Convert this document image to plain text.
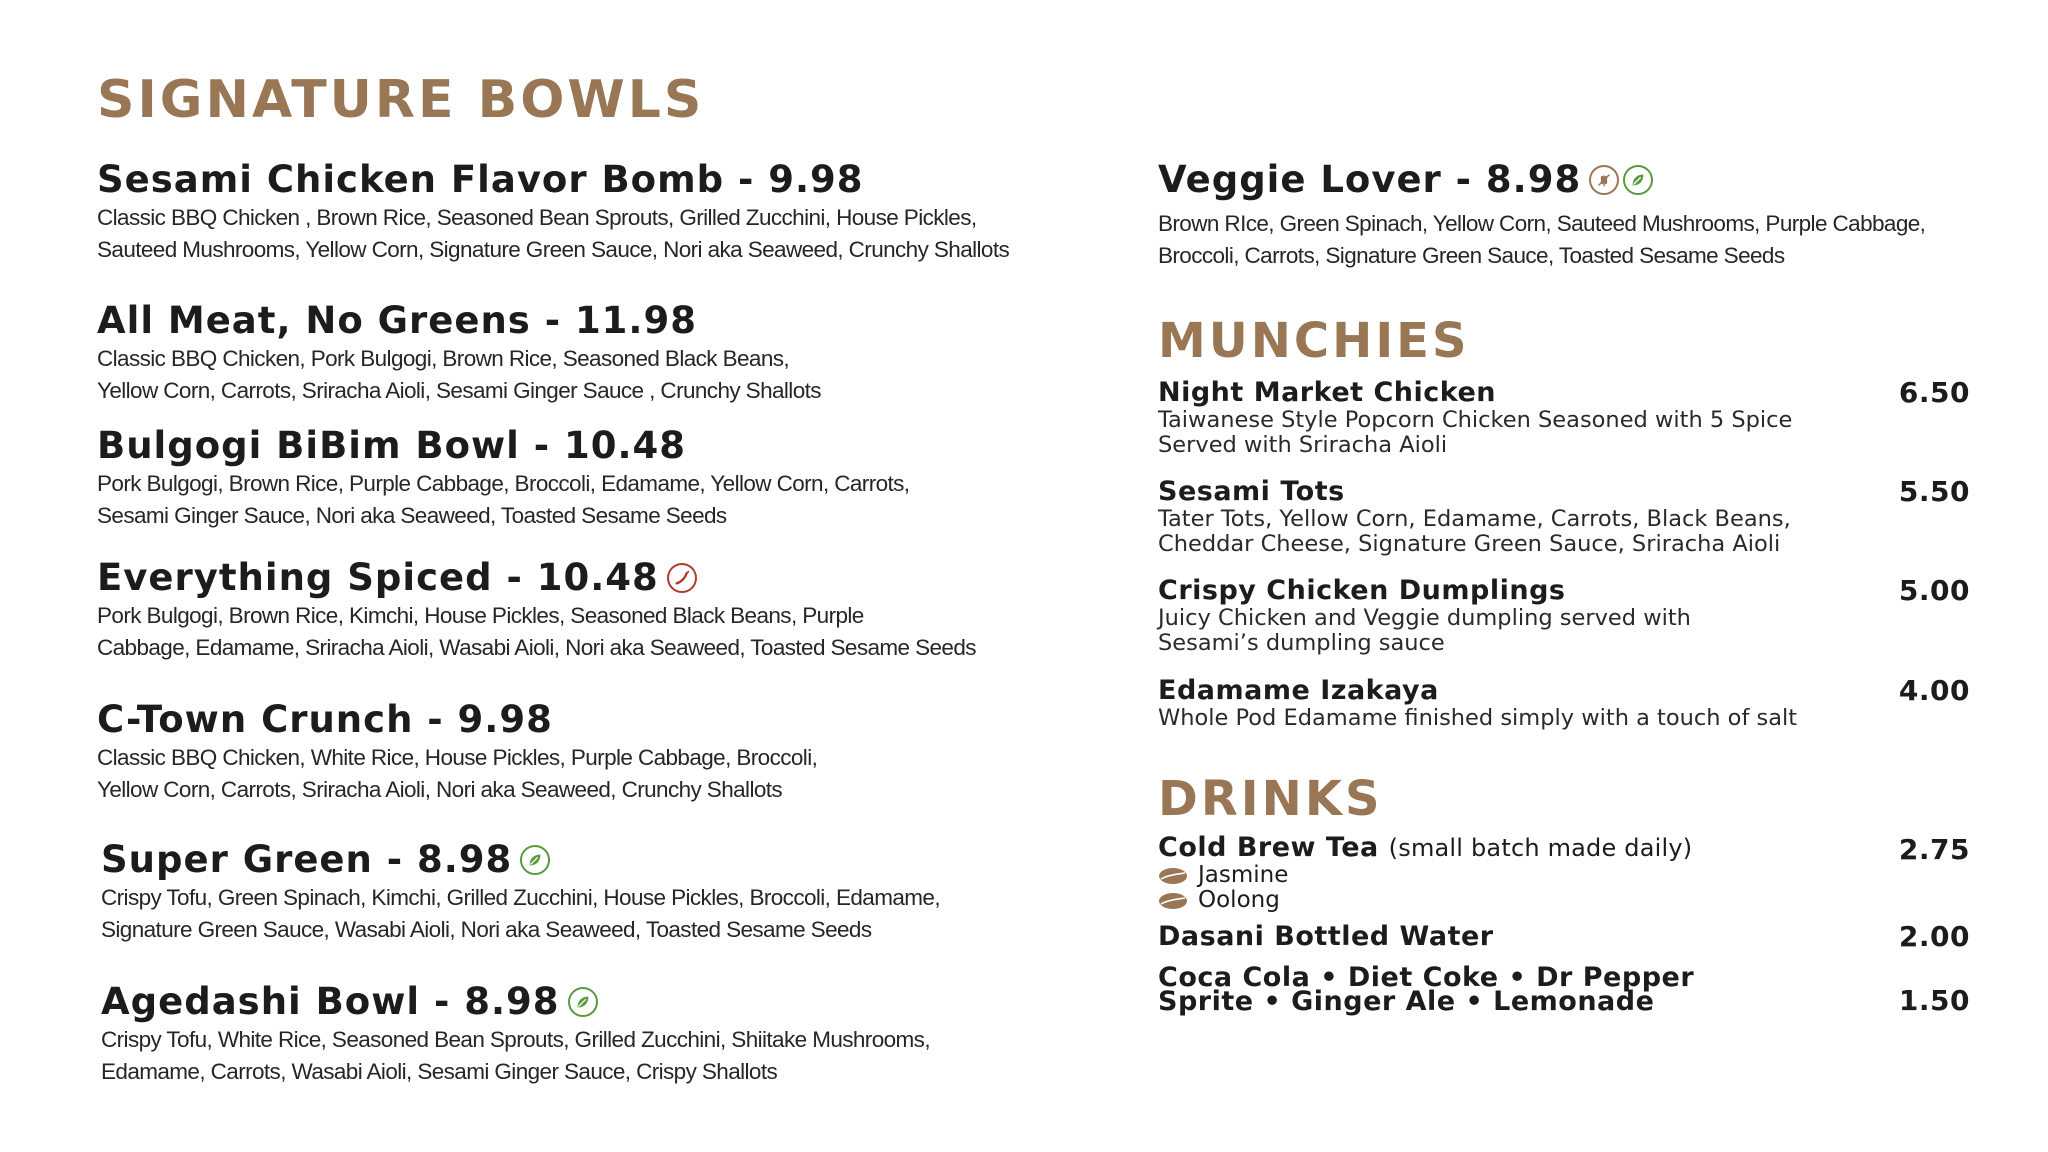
SIGNATURE BOWLS
Sesami Chicken Flavor Bomb - 9.98
Classic BBQ Chicken , Brown Rice, Seasoned Bean Sprouts, Grilled Zucchini, House Pickles,
Sauteed Mushrooms, Yellow Corn, Signature Green Sauce, Nori aka Seaweed, Crunchy Shallots
All Meat, No Greens - 11.98
Classic BBQ Chicken, Pork Bulgogi, Brown Rice, Seasoned Black Beans,
Yellow Corn, Carrots, Sriracha Aioli, Sesami Ginger Sauce , Crunchy Shallots
Bulgogi BiBim Bowl - 10.48
Pork Bulgogi, Brown Rice, Purple Cabbage, Broccoli, Edamame, Yellow Corn, Carrots,
Sesami Ginger Sauce, Nori aka Seaweed, Toasted Sesame Seeds
Everything Spiced - 10.48
Pork Bulgogi, Brown Rice, Kimchi, House Pickles, Seasoned Black Beans, Purple
Cabbage, Edamame, Sriracha Aioli, Wasabi Aioli, Nori aka Seaweed, Toasted Sesame Seeds
C-Town Crunch - 9.98
Classic BBQ Chicken, White Rice, House Pickles, Purple Cabbage, Broccoli,
Yellow Corn, Carrots, Sriracha Aioli, Nori aka Seaweed, Crunchy Shallots
Super Green - 8.98
Crispy Tofu, Green Spinach, Kimchi, Grilled Zucchini, House Pickles, Broccoli, Edamame,
Signature Green Sauce, Wasabi Aioli, Nori aka Seaweed, Toasted Sesame Seeds
Agedashi Bowl - 8.98
Crispy Tofu, White Rice, Seasoned Bean Sprouts, Grilled Zucchini, Shiitake Mushrooms,
Edamame, Carrots, Wasabi Aioli, Sesami Ginger Sauce, Crispy Shallots
Veggie Lover - 8.98
Brown RIce, Green Spinach, Yellow Corn, Sauteed Mushrooms, Purple Cabbage,
Broccoli, Carrots, Signature Green Sauce, Toasted Sesame Seeds
MUNCHIES
Night Market Chicken
Taiwanese Style Popcorn Chicken Seasoned with 5 Spice
Served with Sriracha Aioli
6.50
Sesami Tots
Tater Tots, Yellow Corn, Edamame, Carrots, Black Beans,
Cheddar Cheese, Signature Green Sauce, Sriracha Aioli
5.50
Crispy Chicken Dumplings
Juicy Chicken and Veggie dumpling served with
Sesami’s dumpling sauce
5.00
Edamame Izakaya
Whole Pod Edamame finished simply with a touch of salt
4.00
DRINKS
Cold Brew Tea (small batch made daily)
Jasmine
Oolong
2.75
Dasani Bottled Water	2.00
Coca Cola • Diet Coke • Dr Pepper
Sprite • Ginger Ale • Lemonade	1.50
